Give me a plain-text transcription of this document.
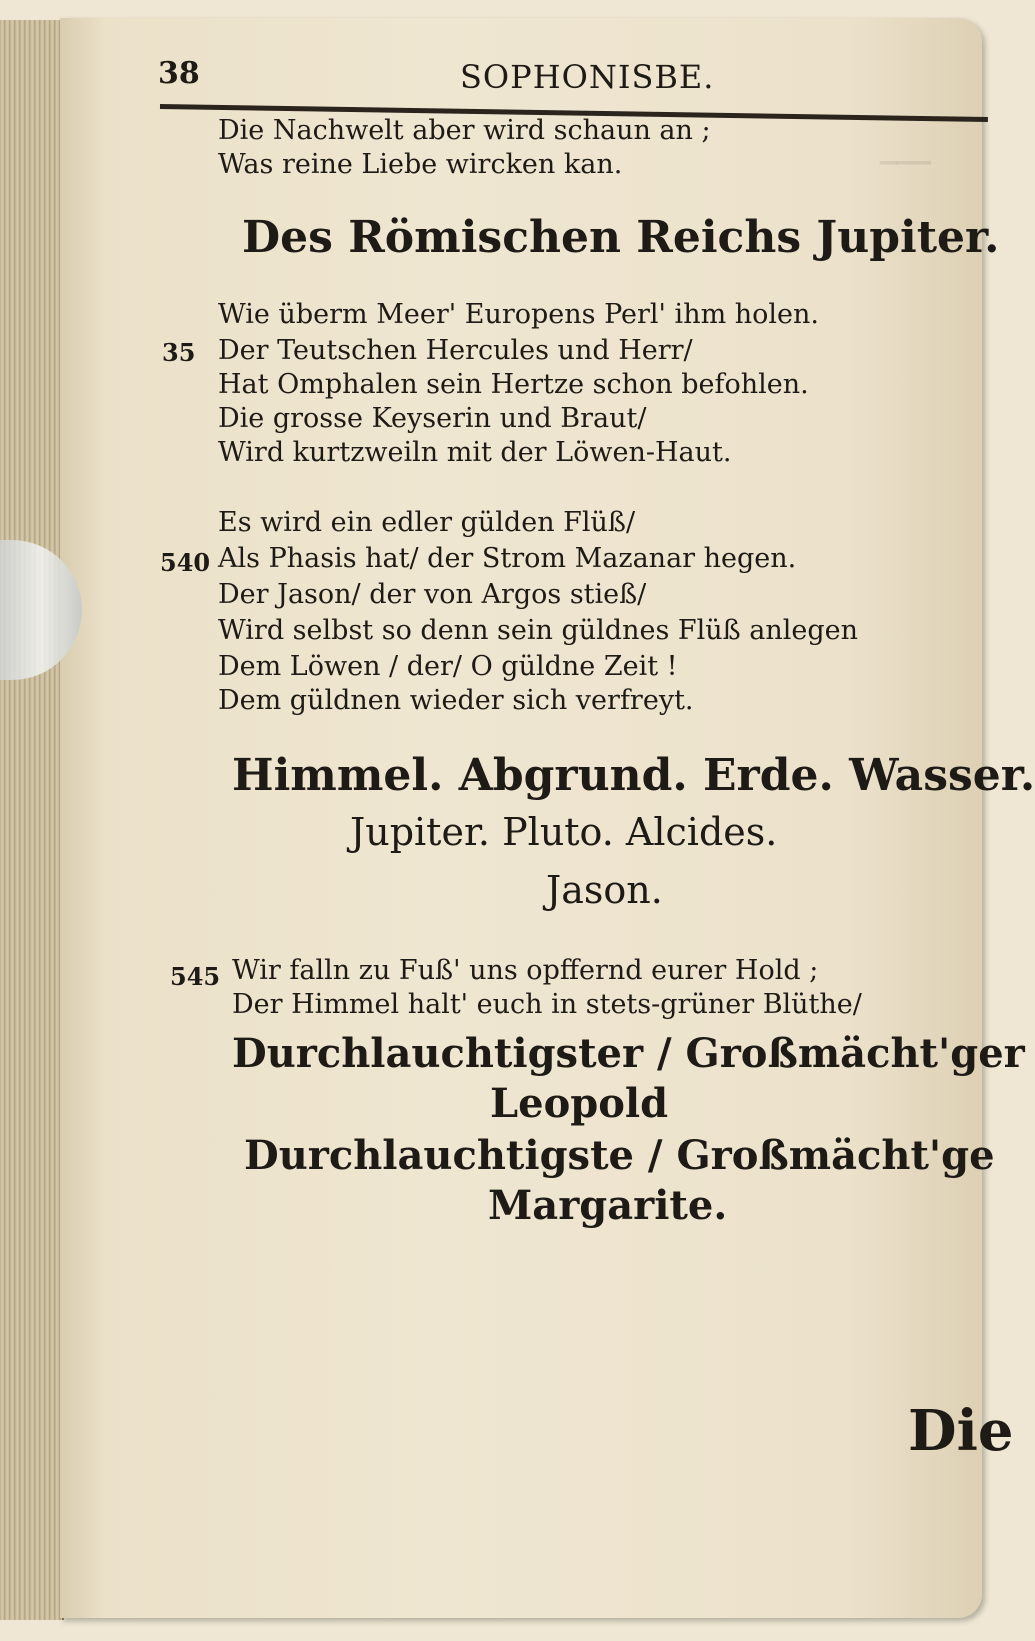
▁▁▁
38	SOPHONISBE.
Die Nachwelt aber wird schaun an ;
Was reine Liebe wircken kan.
Des Römischen Reichs Jupiter.
Wie überm Meer' Europens Perl' ihm holen.
35 Der Teutschen Hercules und Herr/
Hat Omphalen sein Hertze schon befohlen.
Die grosse Keyserin und Braut/
Wird kurtzweiln mit der Löwen-Haut.
Es wird ein edler gülden Flüß/
540 Als Phasis hat/ der Strom Mazanar hegen.
Der Jason/ der von Argos stieß/
Wird selbst so denn sein güldnes Flüß anlegen
Dem Löwen / der/ O güldne Zeit !
Dem güldnen wieder sich verfreyt.
Himmel. Abgrund. Erde. Wasser.
Jupiter. Pluto. Alcides.
Jason.
545 Wir falln zu Fuß' uns opffernd eurer Hold ;
Der Himmel halt' euch in stets-grüner Blüthe/
Durchlauchtigster / Großmächt'ger
Leopold
Durchlauchtigste / Großmächt'ge
Margarite.
Die
